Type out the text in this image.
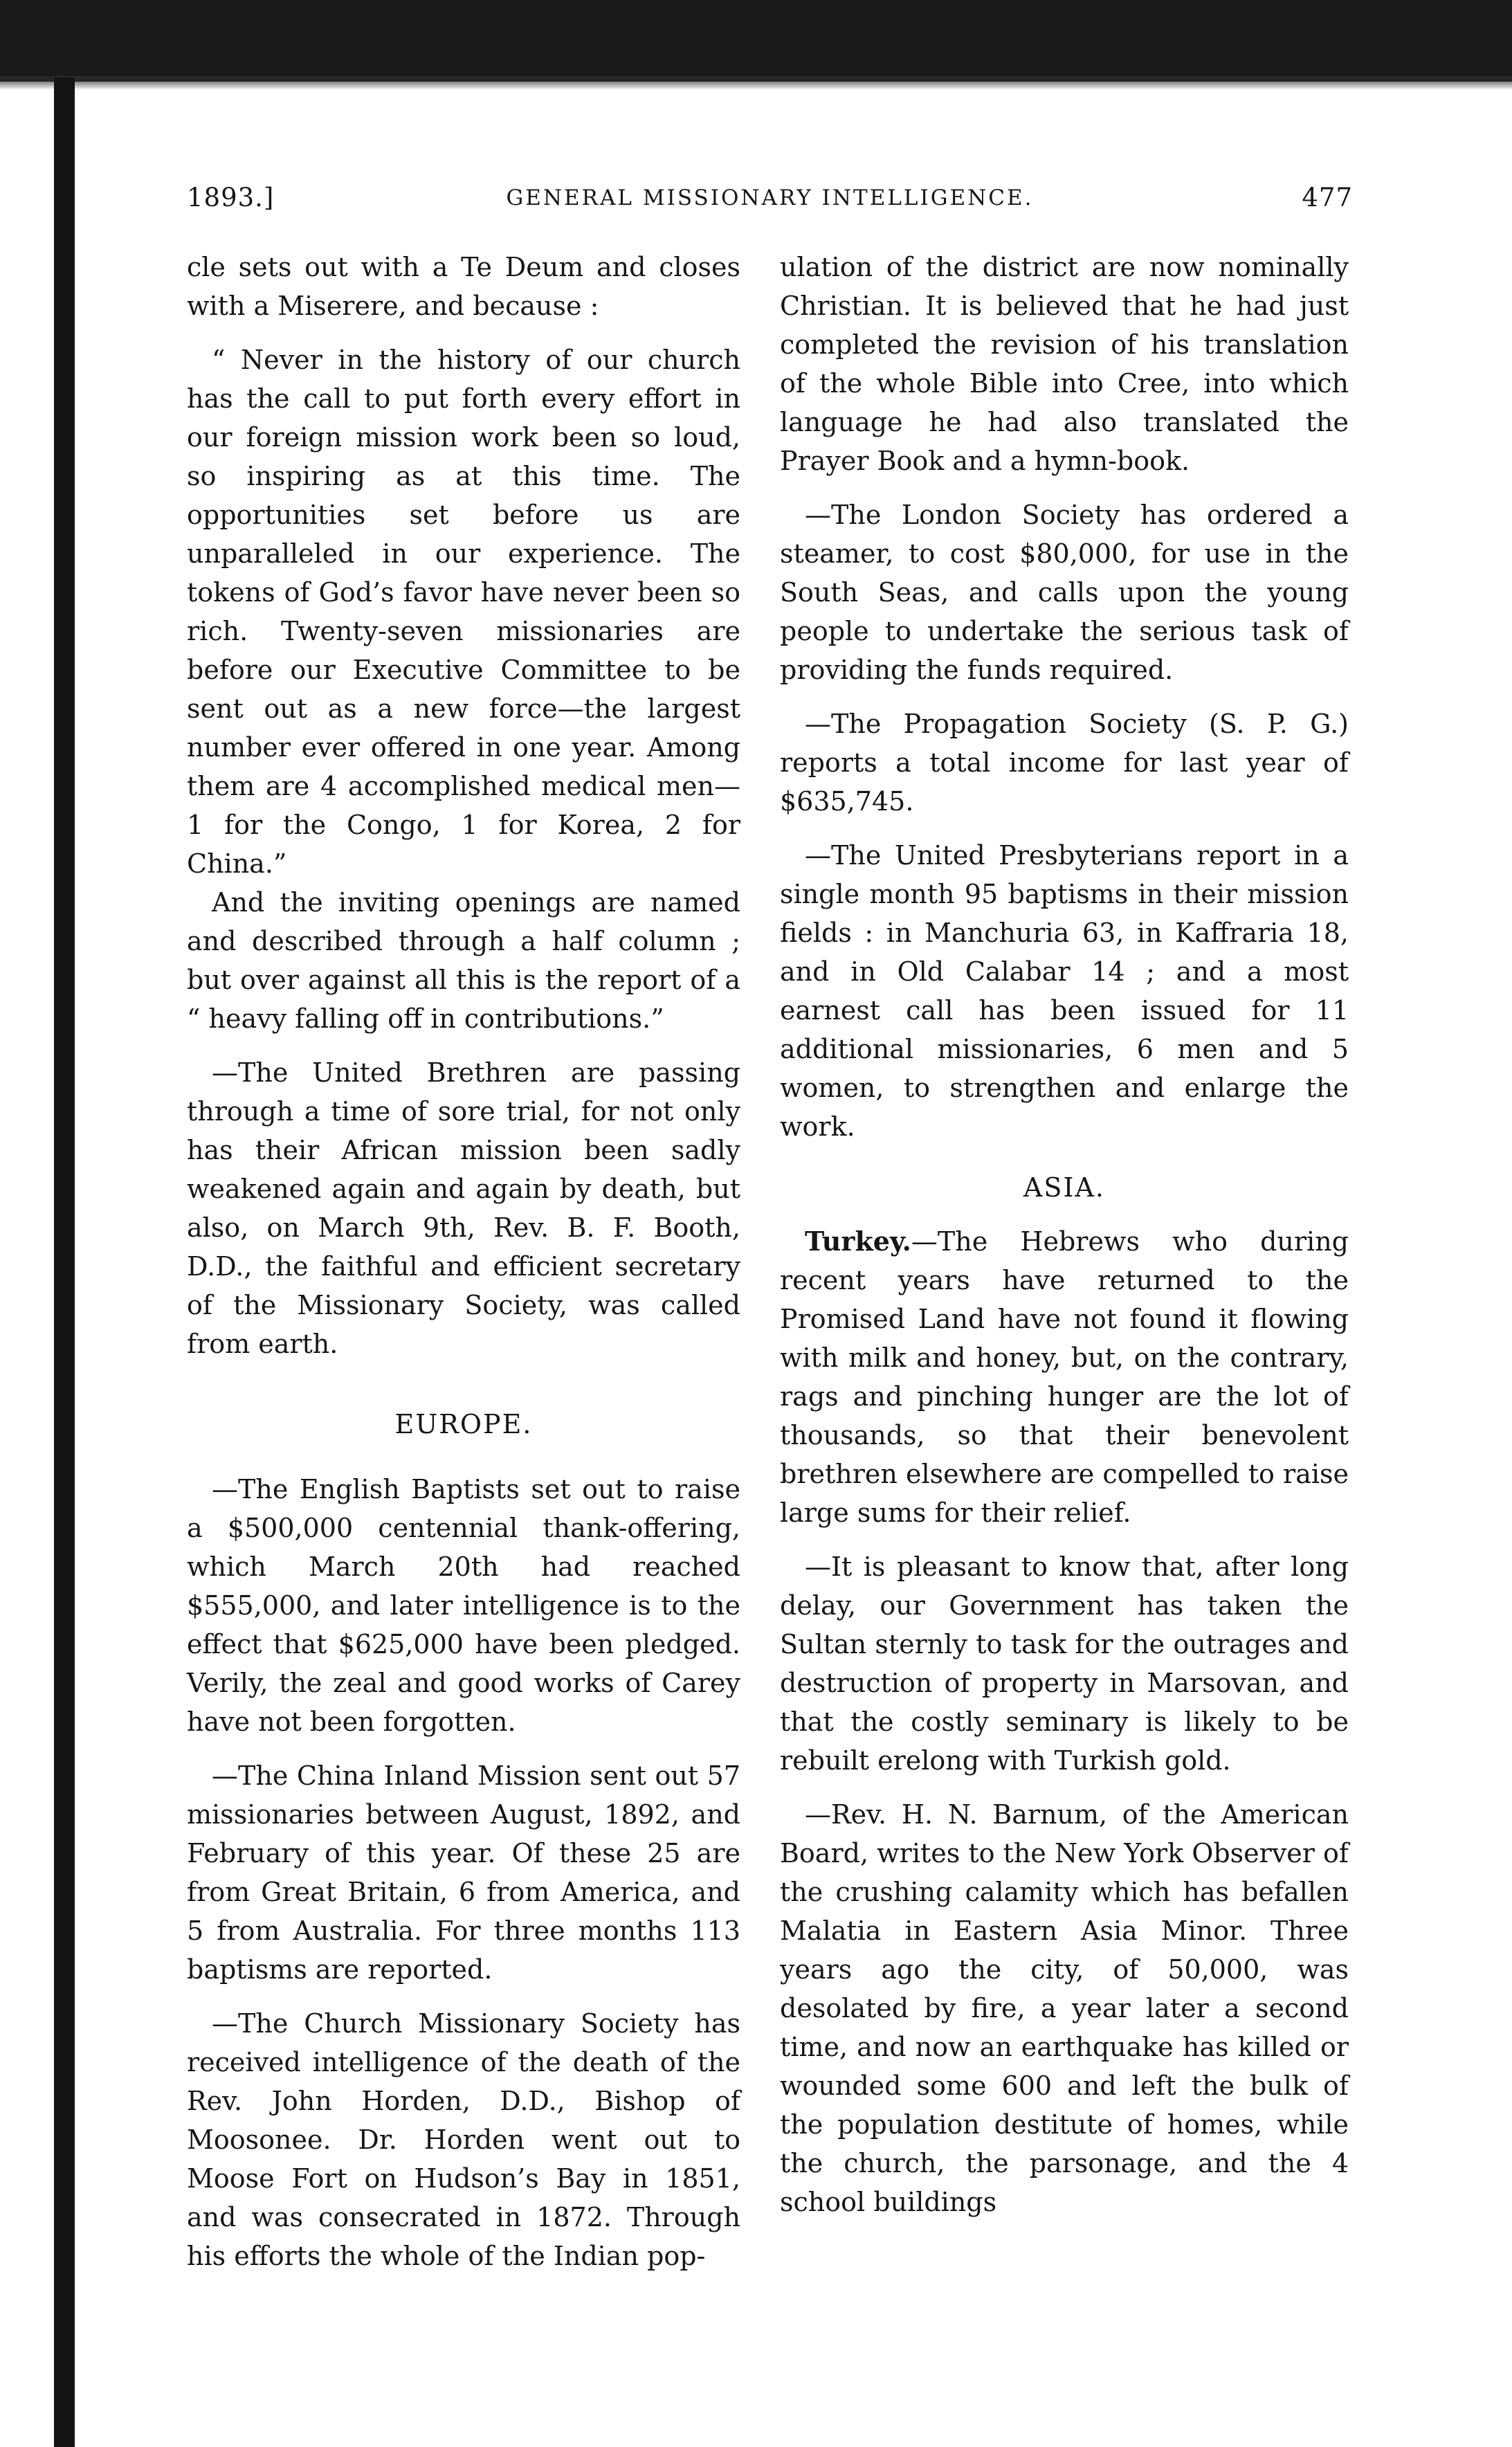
1893.]	GENERAL MISSIONARY INTELLIGENCE.	477

cle sets out with a Te Deum and closes with a Miserere, and because :

“ Never in the history of our church has the call to put forth every effort in our foreign mission work been so loud, so inspiring as at this time. The opportunities set before us are unparalleled in our experience. The tokens of God’s favor have never been so rich. Twenty-seven missionaries are before our Executive Committee to be sent out as a new force—the largest number ever offered in one year. Among them are 4 accomplished medical men—1 for the Congo, 1 for Korea, 2 for China.”

And the inviting openings are named and described through a half column ; but over against all this is the report of a “ heavy falling off in contributions.”

—The United Brethren are passing through a time of sore trial, for not only has their African mission been sadly weakened again and again by death, but also, on March 9th, Rev. B. F. Booth, D.D., the faithful and efficient secretary of the Missionary Society, was called from earth.

EUROPE.

—The English Baptists set out to raise a $500,000 centennial thank-offering, which March 20th had reached $555,000, and later intelligence is to the effect that $625,000 have been pledged. Verily, the zeal and good works of Carey have not been forgotten.

—The China Inland Mission sent out 57 missionaries between August, 1892, and February of this year. Of these 25 are from Great Britain, 6 from America, and 5 from Australia. For three months 113 baptisms are reported.

—The Church Missionary Society has received intelligence of the death of the Rev. John Horden, D.D., Bishop of Moosonee. Dr. Horden went out to Moose Fort on Hudson’s Bay in 1851, and was consecrated in 1872. Through his efforts the whole of the Indian pop-

ulation of the district are now nominally Christian. It is believed that he had just completed the revision of his translation of the whole Bible into Cree, into which language he had also translated the Prayer Book and a hymn-book.

—The London Society has ordered a steamer, to cost $80,000, for use in the South Seas, and calls upon the young people to undertake the serious task of providing the funds required.

—The Propagation Society (S. P. G.) reports a total income for last year of $635,745.

—The United Presbyterians report in a single month 95 baptisms in their mission fields : in Manchuria 63, in Kaffraria 18, and in Old Calabar 14 ; and a most earnest call has been issued for 11 additional missionaries, 6 men and 5 women, to strengthen and enlarge the work.

ASIA.

Turkey.—The Hebrews who during recent years have returned to the Promised Land have not found it flowing with milk and honey, but, on the contrary, rags and pinching hunger are the lot of thousands, so that their benevolent brethren elsewhere are compelled to raise large sums for their relief.

—It is pleasant to know that, after long delay, our Government has taken the Sultan sternly to task for the outrages and destruction of property in Marsovan, and that the costly seminary is likely to be rebuilt erelong with Turkish gold.

—Rev. H. N. Barnum, of the American Board, writes to the New York Observer of the crushing calamity which has befallen Malatia in Eastern Asia Minor. Three years ago the city, of 50,000, was desolated by fire, a year later a second time, and now an earthquake has killed or wounded some 600 and left the bulk of the population destitute of homes, while the church, the parsonage, and the 4 school buildings
